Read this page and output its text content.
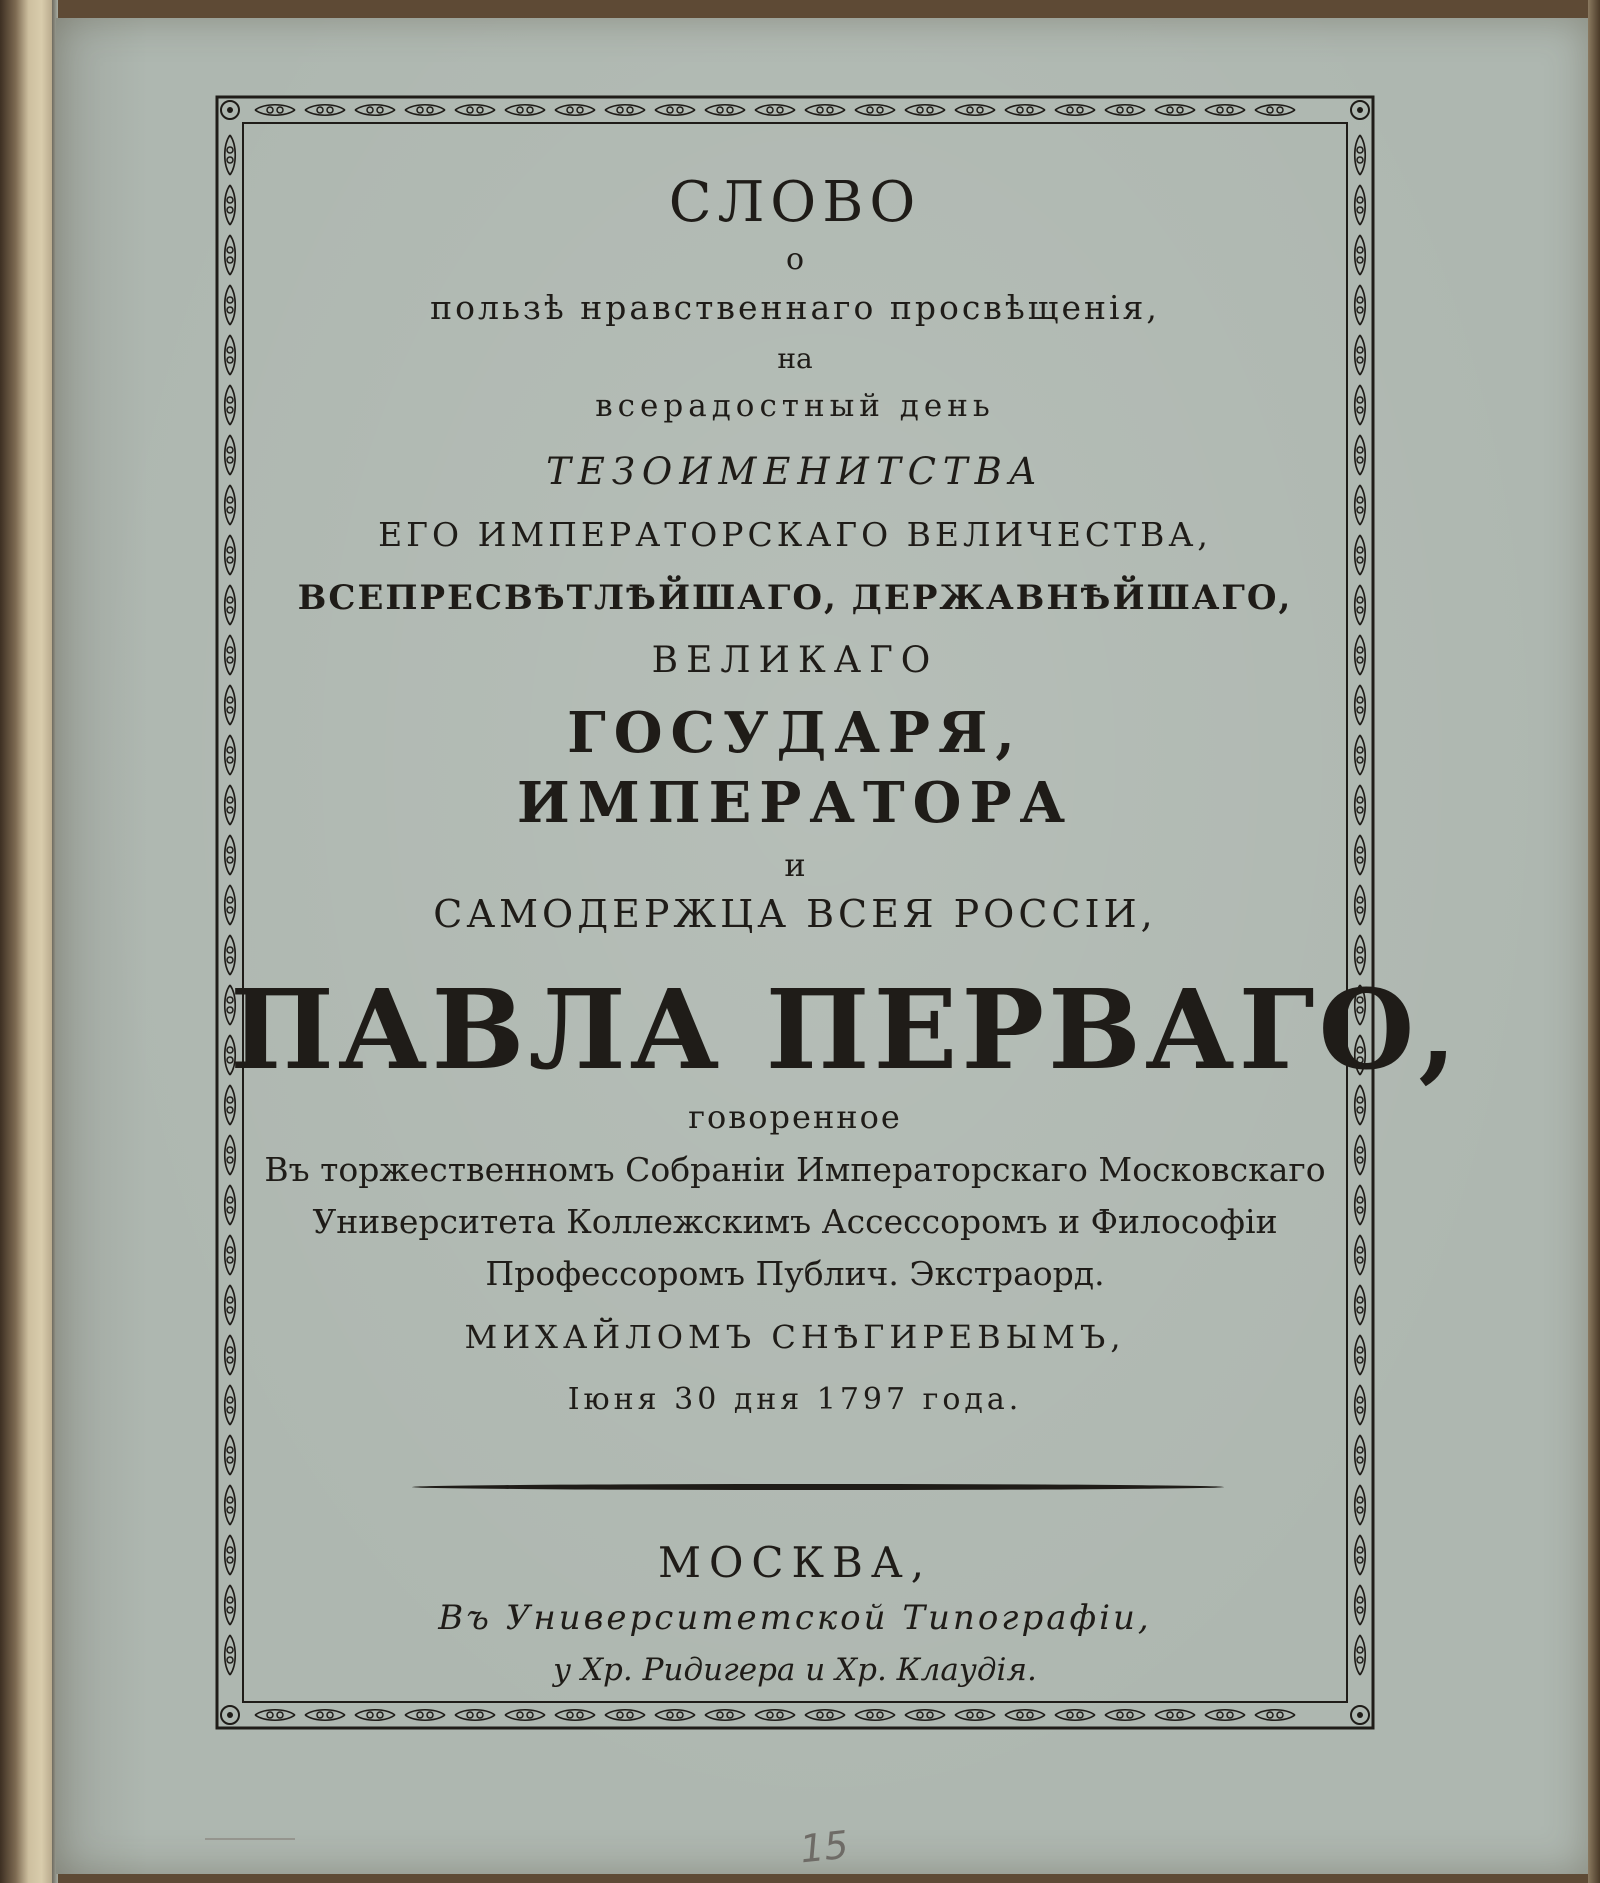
СЛОВО
о
пользѣ нравственнаго просвѣщенія,
на
всерадостный день
ТЕЗОИМЕНИТСТВА
ЕГО ИМПЕРАТОРСКАГО ВЕЛИЧЕСТВА,
ВСЕПРЕСВѢТЛѢЙШАГО, ДЕРЖАВНѢЙШАГО,
ВЕЛИКАГО
ГОСУДАРЯ,
ИМПЕРАТОРА
и
САМОДЕРЖЦА ВСЕЯ РОССІИ,
ПАВЛА ПЕРВАГО,
говоренное
Въ торжественномъ Собраніи Императорскаго Московскаго
Университета Коллежскимъ Ассессоромъ и Философіи
Профессоромъ Публич. Экстраорд.
МИХАЙЛОМЪ СНѢГИРЕВЫМЪ,
Іюня 30 дня 1797 года.
МОСКВА,
Въ Университетской Типографіи,
у Хр. Ридигера и Хр. Клаудія.
15
